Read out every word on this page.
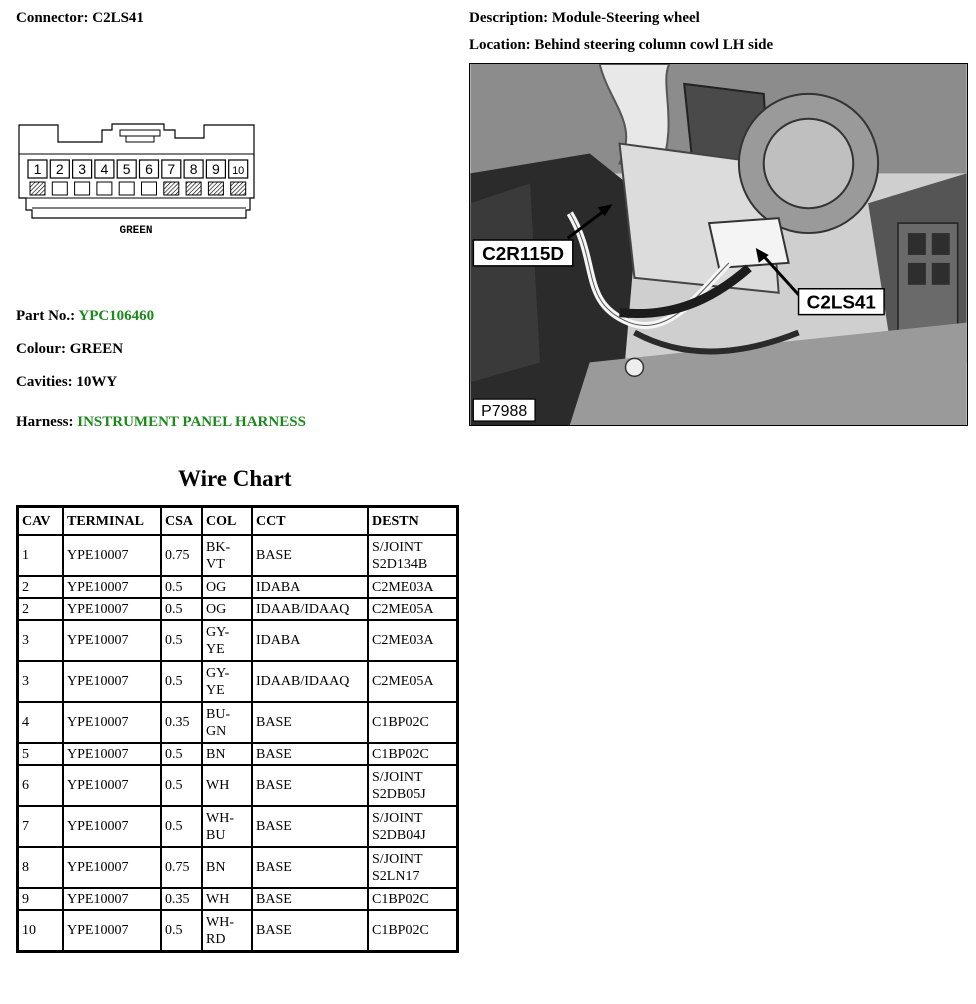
Connector: C2LS41	Description: Module-Steering wheel
Location: Behind steering column cowl LH side
1 2 3 4 5 6 7 8 9 10
GREEN
Part No.: YPC106460
Colour: GREEN
Cavities: 10WY
Harness: INSTRUMENT PANEL HARNESS
C2R115D
C2LS41
P7988
Wire Chart
CAV	TERMINAL	CSA	COL	CCT	DESTN
1	YPE10007	0.75	BK-VT	BASE	S/JOINT S2D134B
2	YPE10007	0.5	OG	IDABA	C2ME03A
2	YPE10007	0.5	OG	IDAAB/IDAAQ	C2ME05A
3	YPE10007	0.5	GY-YE	IDABA	C2ME03A
3	YPE10007	0.5	GY-YE	IDAAB/IDAAQ	C2ME05A
4	YPE10007	0.35	BU-GN	BASE	C1BP02C
5	YPE10007	0.5	BN	BASE	C1BP02C
6	YPE10007	0.5	WH	BASE	S/JOINT S2DB05J
7	YPE10007	0.5	WH-BU	BASE	S/JOINT S2DB04J
8	YPE10007	0.75	BN	BASE	S/JOINT S2LN17
9	YPE10007	0.35	WH	BASE	C1BP02C
10	YPE10007	0.5	WH-RD	BASE	C1BP02C
